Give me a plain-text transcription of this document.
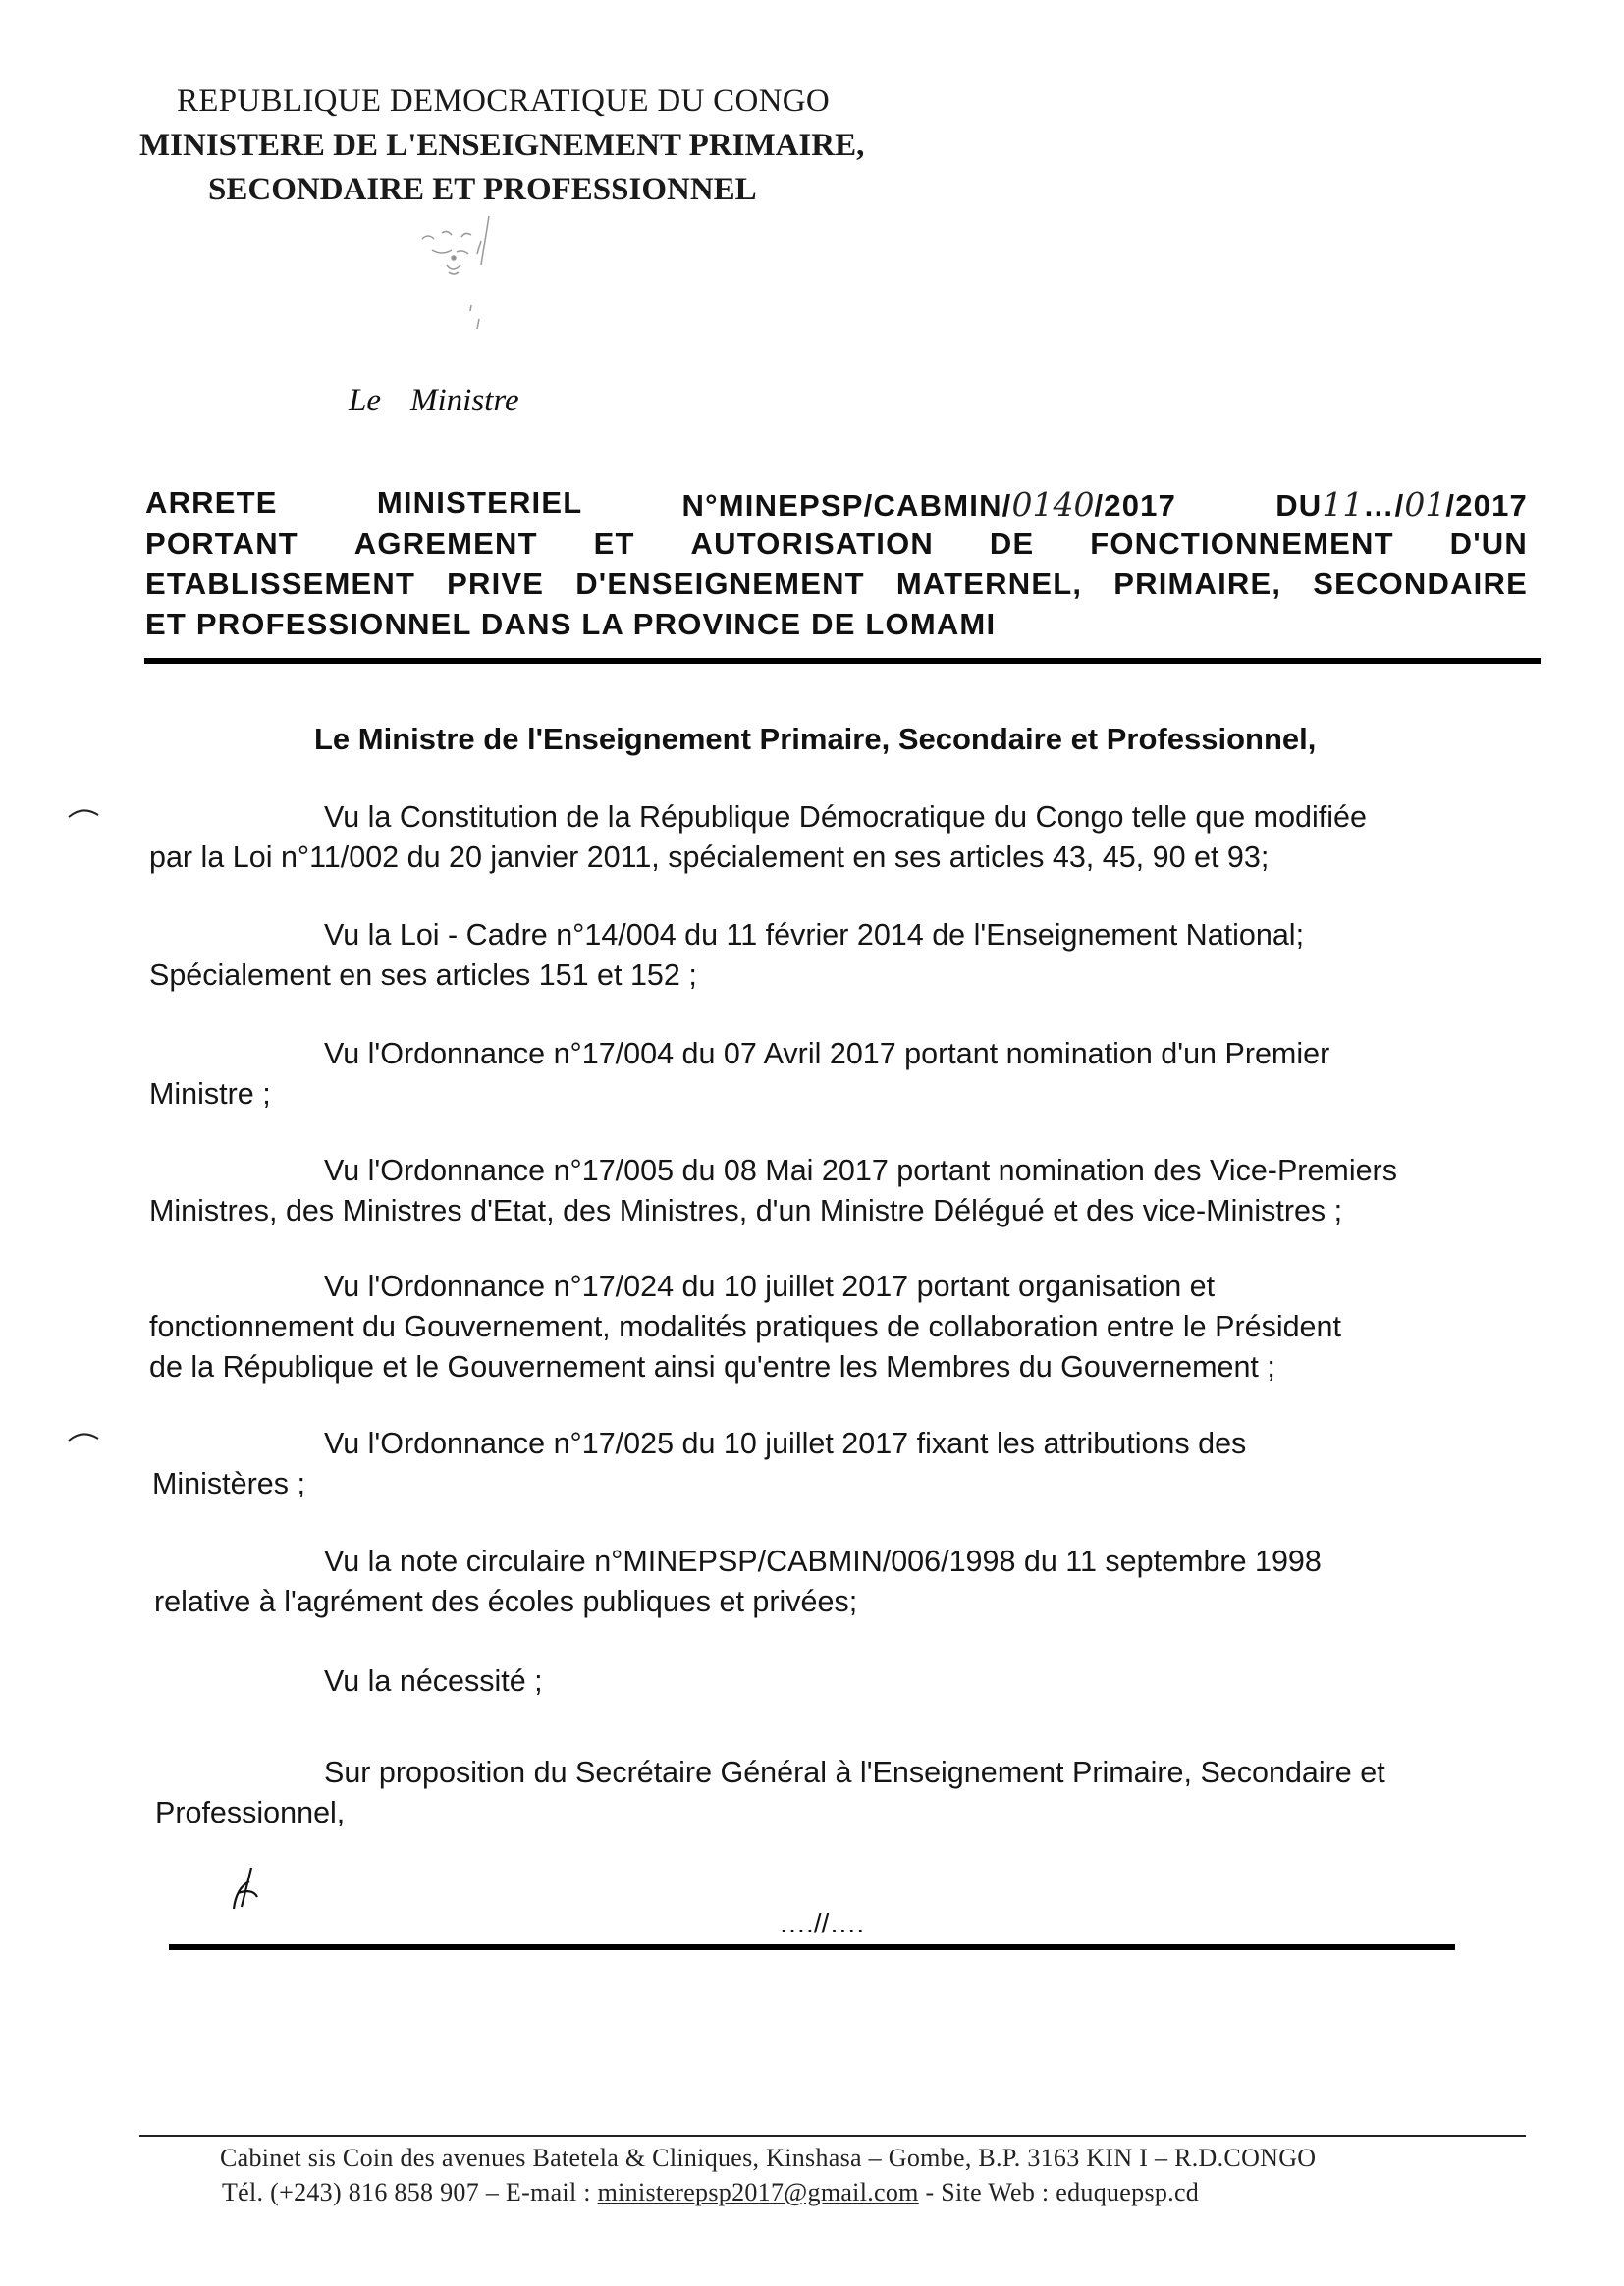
REPUBLIQUE DEMOCRATIQUE DU CONGO
MINISTERE DE L'ENSEIGNEMENT PRIMAIRE,
SECONDAIRE ET PROFESSIONNEL
Le Ministre
ARRETE	MINISTERIEL	N°MINEPSP/CABMIN/0140/2017	DU11…/01/2017
PORTANT AGREMENT ET AUTORISATION DE FONCTIONNEMENT D'UN
ETABLISSEMENT PRIVE D'ENSEIGNEMENT MATERNEL, PRIMAIRE, SECONDAIRE
ET PROFESSIONNEL DANS LA PROVINCE DE LOMAMI
Le Ministre de l'Enseignement Primaire, Secondaire et Professionnel,
Vu la Constitution de la République Démocratique du Congo telle que modifiée
par la Loi n°11/002 du 20 janvier 2011, spécialement en ses articles 43, 45, 90 et 93;
Vu la Loi - Cadre n°14/004 du 11 février 2014 de l'Enseignement National;
Spécialement en ses articles 151 et 152 ;
Vu l'Ordonnance n°17/004 du 07 Avril 2017 portant nomination d'un Premier
Ministre ;
Vu l'Ordonnance n°17/005 du 08 Mai 2017 portant nomination des Vice-Premiers
Ministres, des Ministres d'Etat, des Ministres, d'un Ministre Délégué et des vice-Ministres ;
Vu l'Ordonnance n°17/024 du 10 juillet 2017 portant organisation et
fonctionnement du Gouvernement, modalités pratiques de collaboration entre le Président
de la République et le Gouvernement ainsi qu'entre les Membres du Gouvernement ;
Vu l'Ordonnance n°17/025 du 10 juillet 2017 fixant les attributions des
Ministères ;
Vu la note circulaire n°MINEPSP/CABMIN/006/1998 du 11 septembre 1998
relative à l'agrément des écoles publiques et privées;
Vu la nécessité ;
Sur proposition du Secrétaire Général à l'Enseignement Primaire, Secondaire et
Professionnel,
….//….
Cabinet sis Coin des avenues Batetela & Cliniques, Kinshasa – Gombe, B.P. 3163 KIN I – R.D.CONGO
Tél. (+243) 816 858 907 – E-mail : ministerepsp2017@gmail.com - Site Web : eduquepsp.cd
